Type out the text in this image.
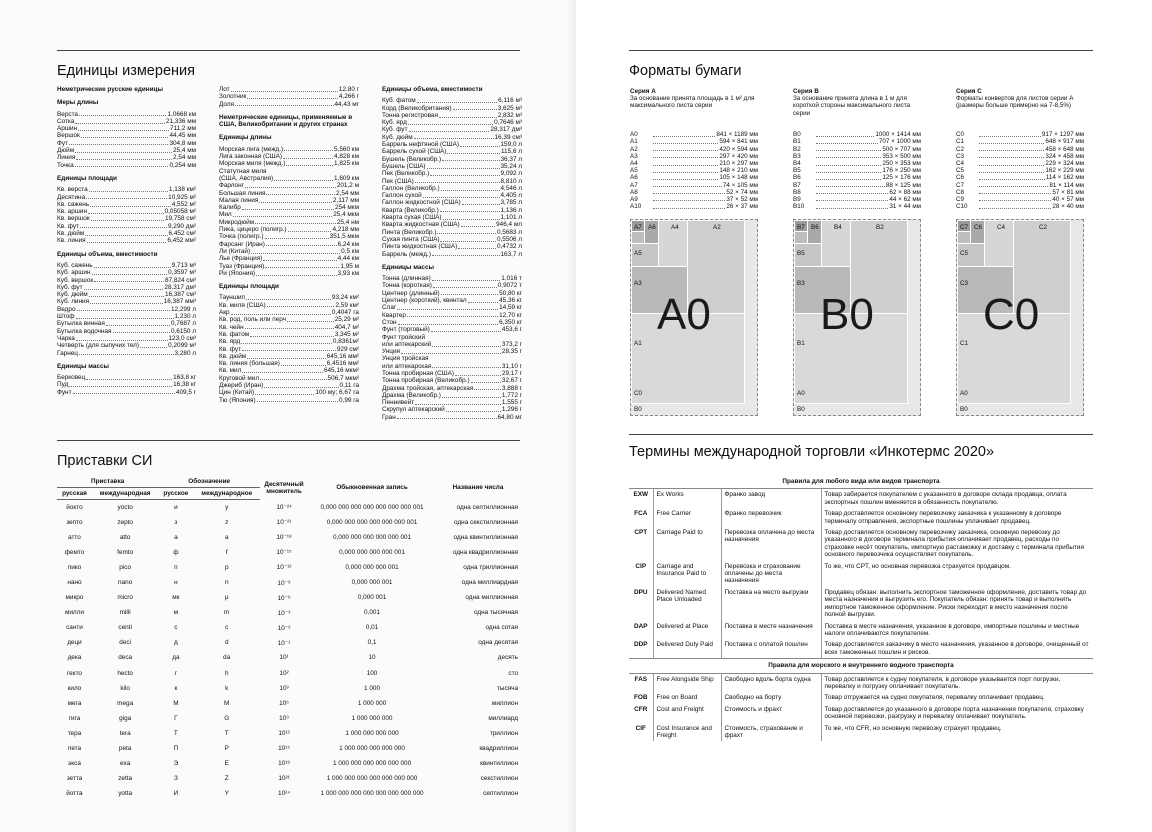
Единицы измерения
Неметрические русские единицы
Меры длины
Верста	1,0668 км
Сотка	21,336 мм
Аршин	711,2 мм
Вершок	44,45 мм
Фут	304,8 мм
Дюйм	25,4 мм
Линия	2,54 мм
Точка	0,254 мм
Единицы площади
Кв. верста	1,138 км²
Десятина	10,925 м²
Кв. сажень	4,552 м²
Кв. аршин	0,05058 м²
Кв. вершок	19,758 см²
Кв. фут	9,290 дм²
Кв. дюйм	6,452 см²
Кв. линия	6,452 мм²
Единицы объема, вместимости
Куб. сажень	9,713 м³
Куб. аршин	0,3597 м³
Куб. вершок	87,824 см³
Куб. фут	28,317 дм³
Куб. дюйм	16,387 см³
Куб. линия	16,387 мм³
Ведро	12,299 л
Штоф	1,230 л
Бутылка винная	0,7687 л
Бутылка водочная	0,6150 л
Чарка	123,0 см³
Четверть (для сыпучих тел)	0,2099 м³
Гарнец	3,280 л
Единицы массы
Берковец	163,8 кг
Пуд	16,38 кг
Фунт	409,5 г
Лот	12,80 г
Золотник	4,266 г
Доля	44,43 мг
Неметрические единицы, применяемые в США, Великобритании и других странах
Единицы длины
Морская лига (межд.)	5,560 км
Лига законная (США)	4,828 км
Морская миля (межд.)	1,825 км
Статутная миля
(США, Австралия)	1,609 км
Фарлонг	201,2 м
Большая линия	2,54 мм
Малая линия	2,117 мм
Калибр	254 мкм
Мил	25,4 мкм
Микродюйм	25,4 нм
Пика, цицеро (полигр.)	4,218 мм
Точка (полигр.)	351,5 мкм
Фарсанг (Иран)	6,24 км
Ли (Китай)	0,5 км
Лье (Франция)	4,44 км
Туаз (Франция)	1,95 м
Ри (Япония)	3,93 км
Единицы площади
Тауншип	93,24 км²
Кв. миля (США)	2,59 км²
Акр	0,4047 га
Кв. род, поль или перч	25,29 м²
Кв. чейн	404,7 м²
Кв. фатом	3,345 м²
Кв. ярд	0,8361м²
Кв. фут	929 см²
Кв. дюйм	645,16 мм²
Кв. линия (большая)	6,4516 мм²
Кв. мил	645,16 мкм²
Круговой мил	506,7 мкм²
Джериб (Иран)	0,11 га
Цин (Китай)	100 му; 6,67 га
Тю (Япония)	0,99 га
Единицы объема, вместимости
Куб. фатом	6,116 м³
Корд (Великобритания)	3,625 м³
Тонна регистровая	2,832 м³
Куб. ярд	0,7646 м³
Куб. фут	28,317 дм³
Куб. дюйм	16,39 см³
Баррель нефтяной (США)	159,0 л
Баррель сухой (США)	115,6 л
Бушель (Великобр.)	36,37 л
Бушель (США)	35,24 л
Пек (Великобр.)	9,092 л
Пек (США)	8,810 л
Галлон (Великобр.)	4,546 л
Галлон сухой	4,405 л
Галлон жидкостной (США)	3,785 л
Кварта (Великобр.)	1,136 л
Кварта сухая (США)	1,101 л
Кварта жидкостная (США)	946,4 мл
Пинта (Великобр.)	0,5683 л
Сухая пинта (США)	0,5506 л
Пинта жидкостная (США)	0,4732 л
Баррель (межд.)	163,7 л
Единицы массы
Тонна (длинная)	1,016 т
Тонна (короткая)	0,9072 т
Центнер (длинный)	50,80 кг
Центнер (короткий), квинтал	45,36 кг
Слаг	14,59 кг
Квартер	12,70 кг
Стон	6,350 кг
Фунт (торговый)	453,6 г
Фунт тройский
или аптекарский	373,2 г
Унция	28,35 г
Унция тройская
или аптекарская	31,10 г
Тонна пробирная (США)	29,17 г
Тонна пробирная (Великобр.)	32,67 г
Драхма тройская, аптекарская	3,888 г
Драхма (Великобр.)	1,772 г
Пеннивейт	1,555 г
Скрупул аптекарский	1,296 г
Гран	64,80 мг
Приставки СИ
Приставка		Обозначение		Десятичный множитель	Обыкновенная запись	Название числа
русская	международная	русское	международное			
йокто	yocto	и	y	10⁻²⁴	0,000 000 000 000 000 000 000 001	одна септиллионная
зепто	zepto	з	z	10⁻²¹	0,000 000 000 000 000 000 001	одна секстиллионная
атто	atto	а	a	10⁻¹⁸	0,000 000 000 000 000 001	одна квинтиллионная
фемто	femto	ф	f	10⁻¹⁵	0,000 000 000 000 001	одна квадриллионная
пико	pico	п	p	10⁻¹²	0,000 000 000 001	одна триллионная
нано	nano	н	n	10⁻⁹	0,000 000 001	одна миллиардная
микро	micro	мк	μ	10⁻⁶	0,000 001	одна миллионная
милли	milli	м	m	10⁻³	0,001	одна тысячная
санти	centi	с	c	10⁻²	0,01	одна сотая
деци	deci	д	d	10⁻¹	0,1	одна десятая
дека	deca	да	da	10¹	10	десять
гекто	hecto	г	h	10²	100	сто
кило	kilo	к	k	10³	1 000	тысяча
мега	mega	М	M	10⁶	1 000 000	миллион
гига	giga	Г	G	10⁹	1 000 000 000	миллиард
тера	tera	Т	T	10¹²	1 000 000 000 000	триллион
пета	peta	П	P	10¹⁵	1 000 000 000 000 000	квадриллион
экса	exa	Э	E	10¹⁸	1 000 000 000 000 000 000	квинтиллион
зетта	zetta	З	Z	10²¹	1 000 000 000 000 000 000 000	секстиллион
йотта	yotta	И	Y	10²⁴	1 000 000 000 000 000 000 000 000	септиллион
Форматы бумаги
Серия А
За основание принята площадь в 1 м² для максимального листа серии
A0	841 × 1189 мм
A1	594 × 841 мм
A2	420 × 594 мм
A3	297 × 420 мм
A4	210 × 297 мм
A5	148 × 210 мм
A6	105 × 148 мм
A7	74 × 105 мм
A8	52 × 74 мм
A9	37 × 52 мм
A10	26 × 37 мм
A7 A6 A4	A2
A5
A3
A1
C0
B0
A0
Серия В
За основание принята длина в 1 м для короткой стороны максимального листа серии
B0	1000 × 1414 мм
B1	707 × 1000 мм
B2	500 × 707 мм
B3	353 × 500 мм
B4	250 × 353 мм
B5	176 × 250 мм
B6	125 × 176 мм
B7	88 × 125 мм
B8	62 × 88 мм
B9	44 × 62 мм
B10	31 × 44 мм
B7 B6 B4	B2
B5
B3
B1
A0
B0
B0
Серия С
Форматы конвертов для листов серии А (размеры больше примерно на 7-8,5%)
C0	917 × 1297 мм
C1	648 × 917 мм
C2	458 × 648 мм
C3	324 × 458 мм
C4	229 × 324 мм
C5	162 × 229 мм
C6	114 × 162 мм
C7	81 × 114 мм
C8	57 × 81 мм
C9	40 × 57 мм
C10	28 × 40 мм
C7 C6 C4	C2
C5
C3
C1
A0
B0
C0
Термины международной торговли «Инкотермс 2020»
Правила для любого вида или видов транспорта			
EXW	Ex Works	Франко завод	Товар забирается покупателем с указанного в договоре склада продавца, оплата экспортных пошлин вменяется в обязанность покупателю.
FCA	Free Carrier	Франко перевозчик	Товар доставляется основному перевозчику заказчика к указанному в договоре терминалу отправления, экспортные пошлины уплачивает продавец.
CPT	Carriage Paid to	Перевозка оплачена до места назначения	Товар доставляется основному перевозчику заказчика, основную перевозку до указанного в договоре терминала прибытия оплачивает продавец, расходы по страховке несёт покупатель, импортную растаможку и доставку с терминала прибытия основного перевозчика осуществляет покупатель.
CIP	Carriage and Insurance Paid to	Перевозка и страхование оплачены до места назначения	То же, что CPT, но основная перевозка страхуется продавцом.
DPU	Delivered Named Place Unloaded	Поставка на место выгрузки	Продавец обязан: выполнить экспортное таможенное оформление, доставить товар до места назначения и выгрузить его. Покупатель обязан: принять товар и выполнить импортное таможенное оформление. Риски переходят в место назначения после полной выгрузки.
DAP	Delivered at Place	Поставка в месте назначения	Поставка в месте назначения, указанное в договоре, импортные пошлины и местные налоги оплачиваются покупателем.
DDP	Delivered Duty Paid	Поставка с оплатой пошлин	Товар доставляется заказчику в место назначения, указанное в договоре, очищенный от всех таможенных пошлин и рисков.
Правила для морского и внутреннего водного транспорта			
FAS	Free Alongside Ship	Свободно вдоль борта судна	Товар доставляется к судну покупателя, в договоре указывается порт погрузки, перевалку и погрузку оплачивает покупатель.
FOB	Free on Board	Свободно на борту	Товар отгружается на судно покупателя, перевалку оплачивает продавец.
CFR	Cost and Freight	Стоимость и фрахт	Товар доставляется до указанного в договоре порта назначения покупателя, страховку основной перевозки, разгрузку и перевалку оплачивает покупатель.
CIF	Cost Insurance and Freight	Стоимость, страхование и фрахт	То же, что CFR, но основную перевозку страхует продавец.
